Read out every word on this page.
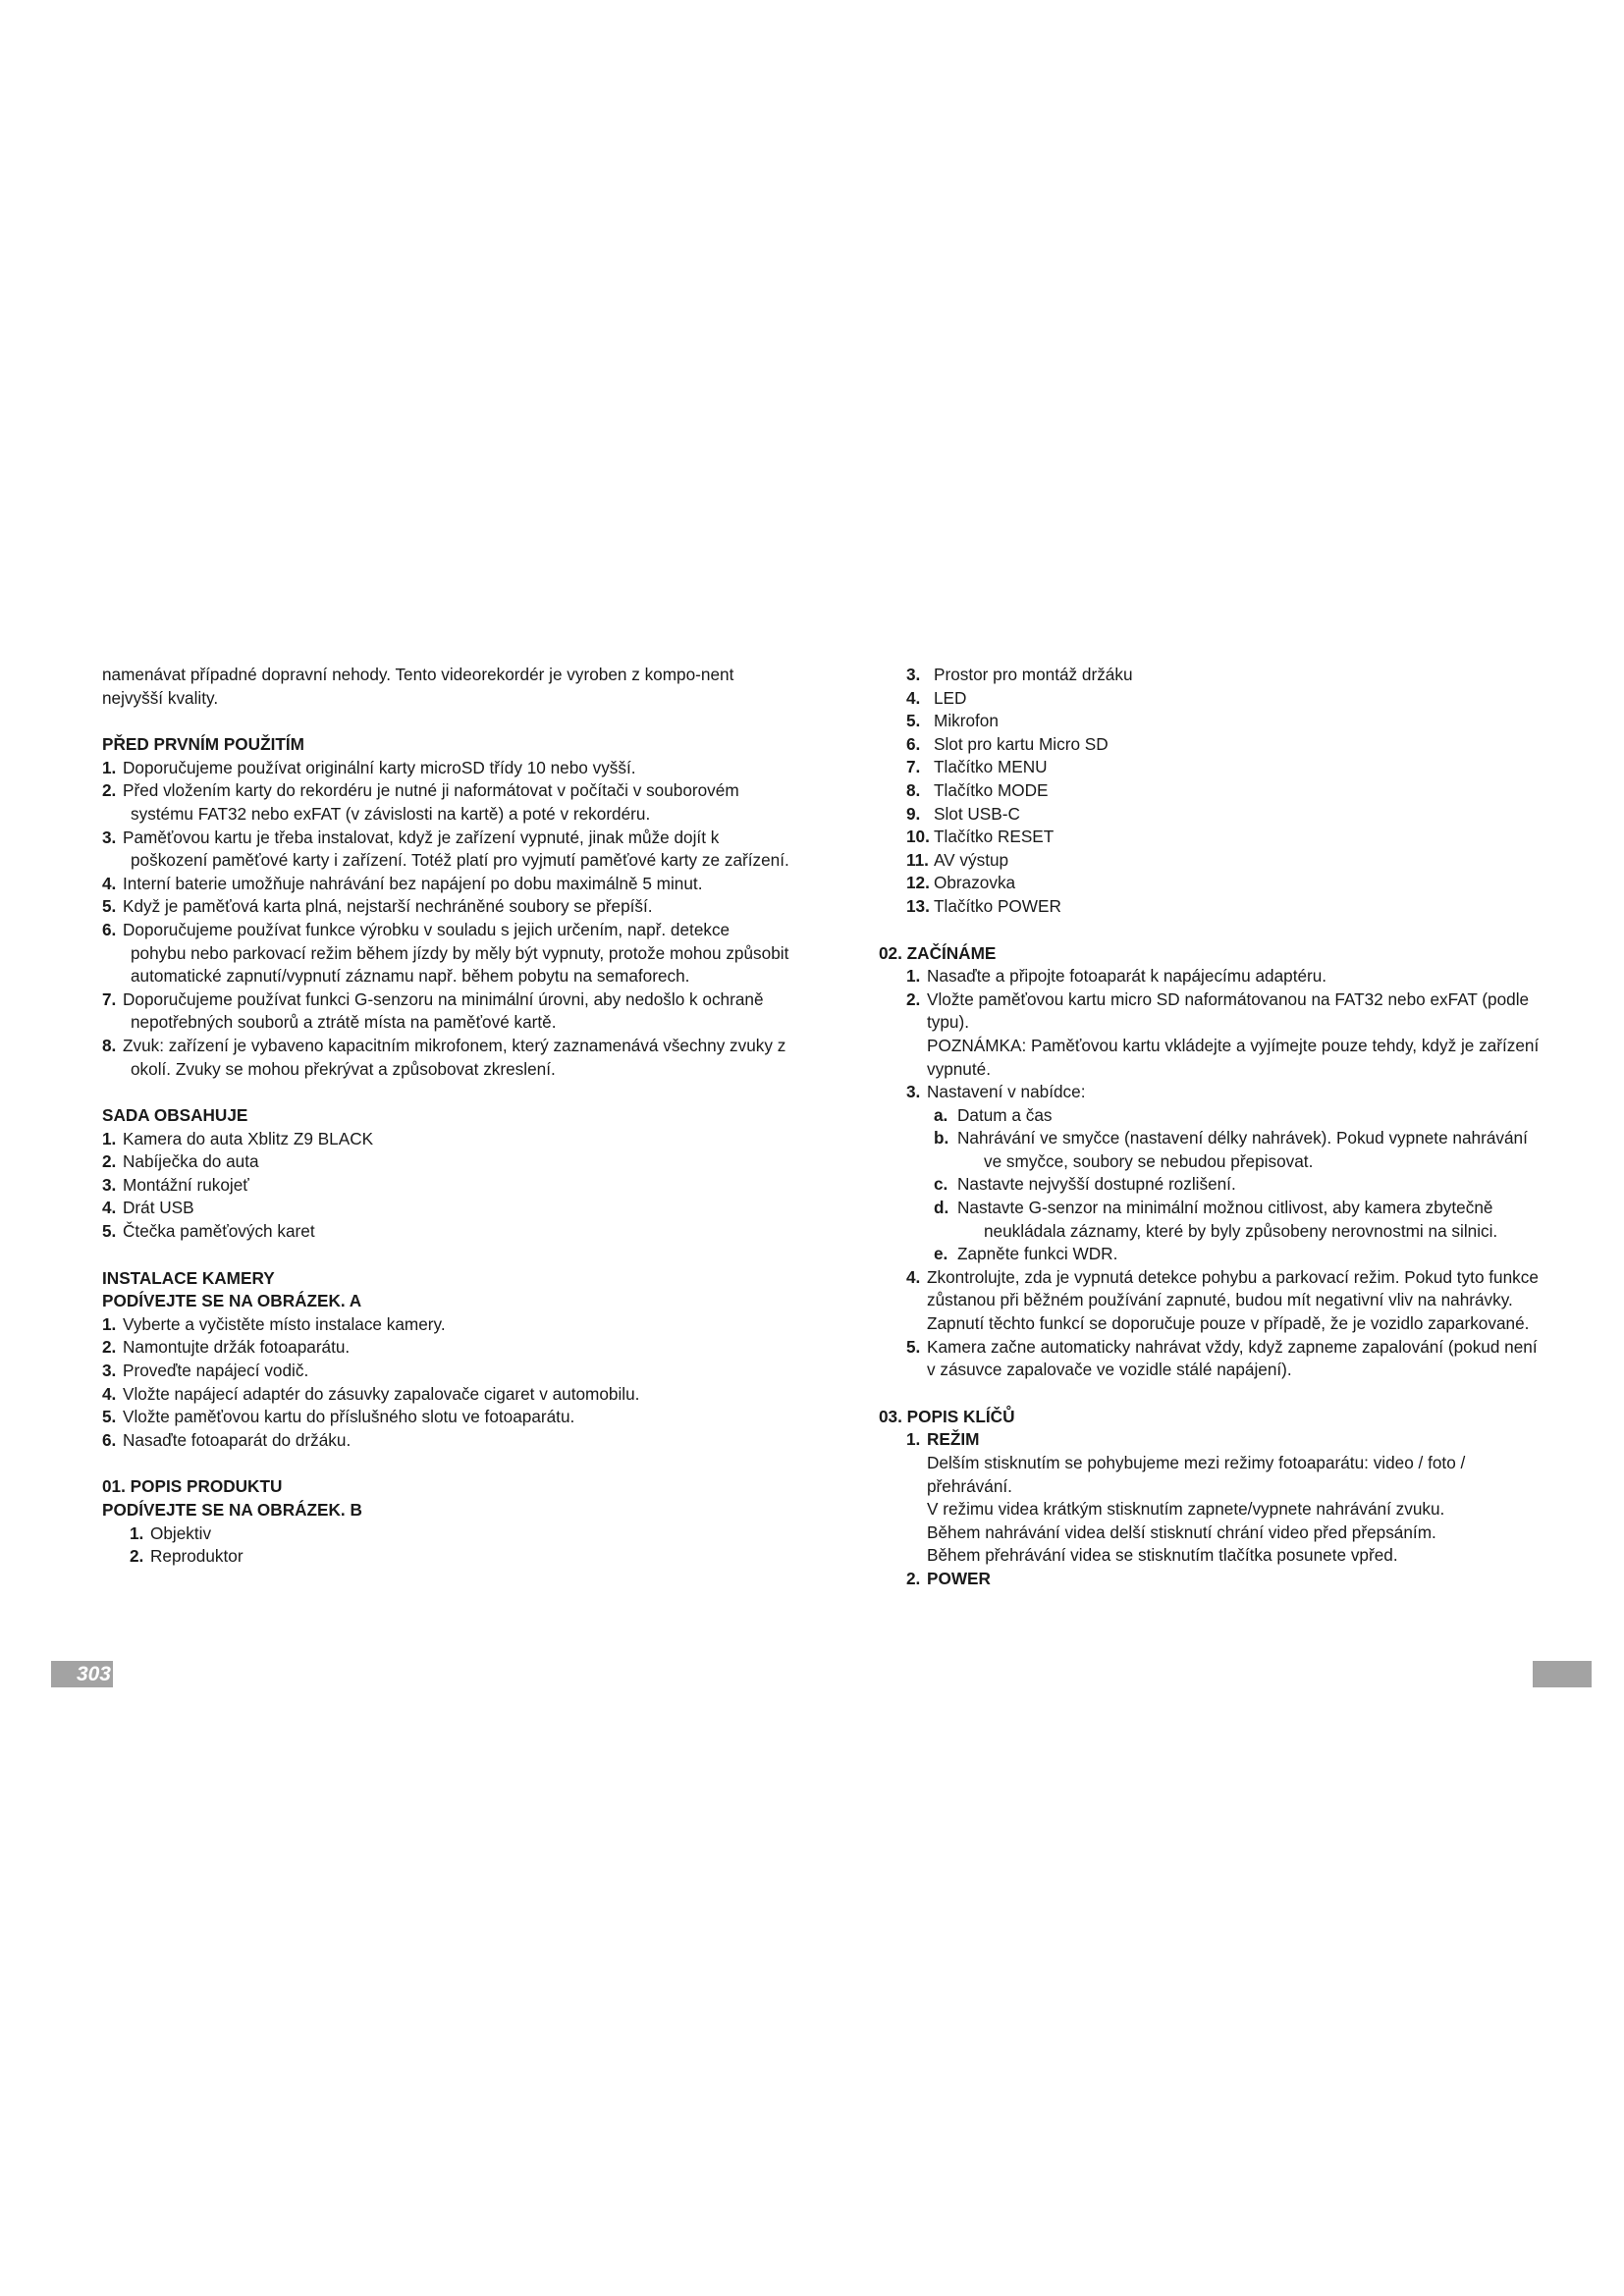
namenávat případné dopravní nehody. Tento videorekordér je vyroben z kompo-nent nejvyšší kvality.

PŘED PRVNÍM POUŽITÍM

1. Doporučujeme používat originální karty microSD třídy 10 nebo vyšší.
2. Před vložením karty do rekordéru je nutné ji naformátovat v počítači v souborovém systému FAT32 nebo exFAT (v závislosti na kartě) a poté v rekordéru.
3. Paměťovou kartu je třeba instalovat, když je zařízení vypnuté, jinak může dojít k poškození paměťové karty i zařízení. Totéž platí pro vyjmutí paměťové karty ze zařízení.
4. Interní baterie umožňuje nahrávání bez napájení po dobu maximálně 5 minut.
5. Když je paměťová karta plná, nejstarší nechráněné soubory se přepíší.
6. Doporučujeme používat funkce výrobku v souladu s jejich určením, např. detekce pohybu nebo parkovací režim během jízdy by měly být vypnuty, protože mohou způsobit automatické zapnutí/vypnutí záznamu např. během pobytu na semaforech.
7. Doporučujeme používat funkci G-senzoru na minimální úrovni, aby nedošlo k ochraně nepotřebných souborů a ztrátě místa na paměťové kartě.
8. Zvuk: zařízení je vybaveno kapacitním mikrofonem, který zaznamenává všechny zvuky z okolí. Zvuky se mohou překrývat a způsobovat zkreslení.

SADA OBSAHUJE

1. Kamera do auta Xblitz Z9 BLACK
2. Nabíječka do auta
3. Montážní rukojeť
4. Drát USB
5. Čtečka paměťových karet

INSTALACE KAMERY

PODÍVEJTE SE NA OBRÁZEK. A

1. Vyberte a vyčistěte místo instalace kamery.
2. Namontujte držák fotoaparátu.
3. Proveďte napájecí vodič.
4. Vložte napájecí adaptér do zásuvky zapalovače cigaret v automobilu.
5. Vložte paměťovou kartu do příslušného slotu ve fotoaparátu.
6. Nasaďte fotoaparát do držáku.

01. POPIS PRODUKTU

PODÍVEJTE SE NA OBRÁZEK. B

1. Objektiv
2. Reproduktor
3. Prostor pro montáž držáku
4. LED
5. Mikrofon
6. Slot pro kartu Micro SD
7. Tlačítko MENU
8. Tlačítko MODE
9. Slot USB-C
10. Tlačítko RESET
11. AV výstup
12. Obrazovka
13. Tlačítko POWER

02. ZAČÍNÁME

1. Nasaďte a připojte fotoaparát k napájecímu adaptéru.
2. Vložte paměťovou kartu micro SD naformátovanou na FAT32 nebo exFAT (podle typu).
POZNÁMKA: Paměťovou kartu vkládejte a vyjímejte pouze tehdy, když je zařízení vypnuté.
3. Nastavení v nabídce:
a. Datum a čas
b. Nahrávání ve smyčce (nastavení délky nahrávek). Pokud vypnete nahrávání ve smyčce, soubory se nebudou přepisovat.
c. Nastavte nejvyšší dostupné rozlišení.
d. Nastavte G-senzor na minimální možnou citlivost, aby kamera zbytečně neukládala záznamy, které by byly způsobeny nerovnostmi na silnici.
e. Zapněte funkci WDR.
4. Zkontrolujte, zda je vypnutá detekce pohybu a parkovací režim. Pokud tyto funkce zůstanou při běžném používání zapnuté, budou mít negativní vliv na nahrávky. Zapnutí těchto funkcí se doporučuje pouze v případě, že je vozidlo zaparkované.
5. Kamera začne automaticky nahrávat vždy, když zapneme zapalování (pokud není v zásuvce zapalovače ve vozidle stálé napájení).

03. POPIS KLÍČŮ

1. REŽIM

Delším stisknutím se pohybujeme mezi režimy fotoaparátu: video / foto / přehrávání.

V režimu videa krátkým stisknutím zapnete/vypnete nahrávání zvuku.

Během nahrávání videa delší stisknutí chrání video před přepsáním.

Během přehrávání videa se stisknutím tlačítka posunete vpřed.

2. POWER
303
